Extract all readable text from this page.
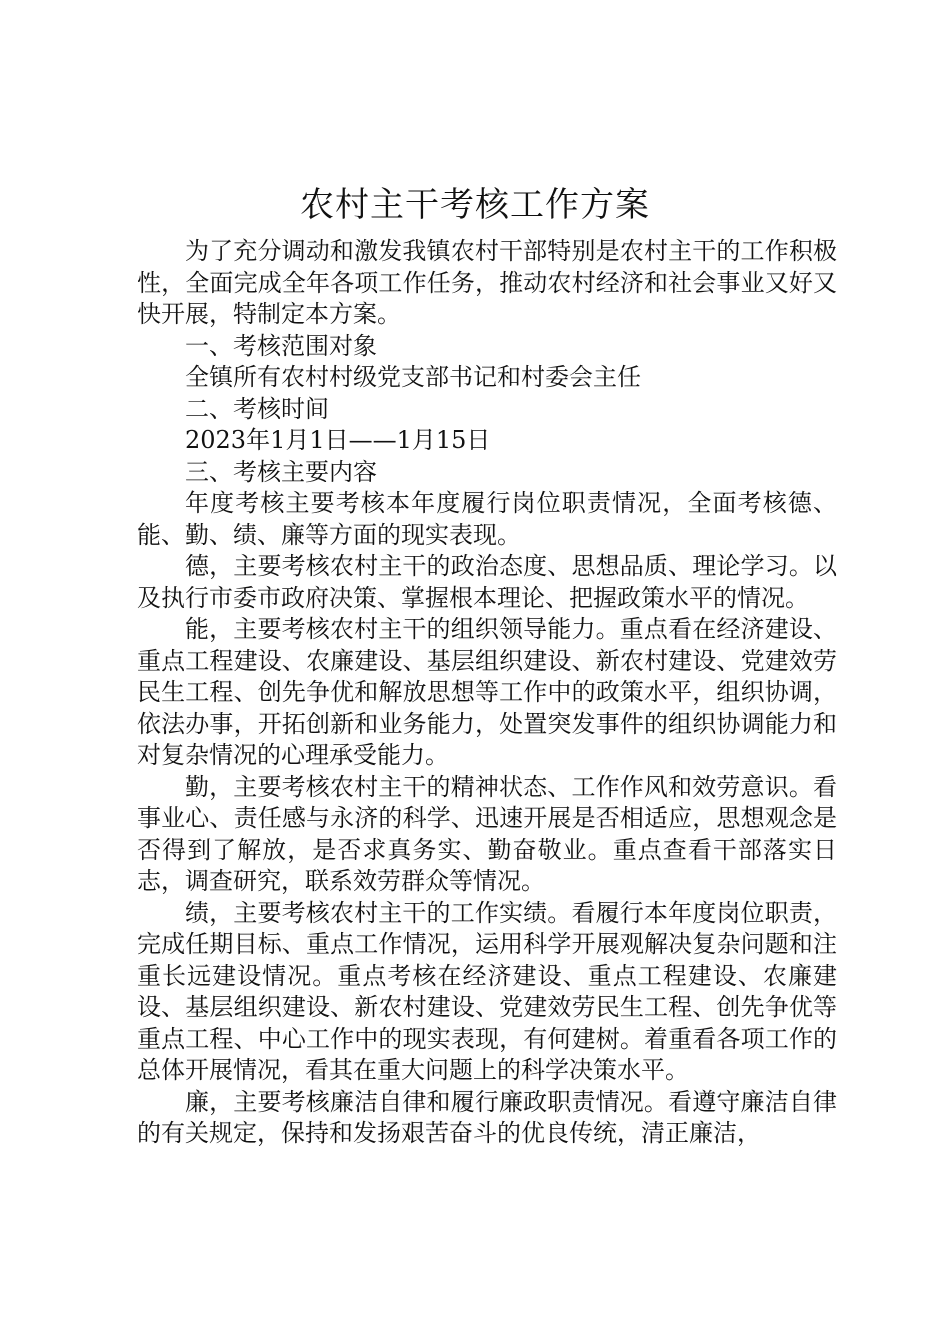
农村主干考核工作方案

为了充分调动和激发我镇农村干部特别是农村主干的工作积极性，全面完成全年各项工作任务，推动农村经济和社会事业又好又快开展，特制定本方案。

一、考核范围对象

全镇所有农村村级党支部书记和村委会主任

二、考核时间

2023年1月1日——1月15日

三、考核主要内容

年度考核主要考核本年度履行岗位职责情况，全面考核德、能、勤、绩、廉等方面的现实表现。

德，主要考核农村主干的政治态度、思想品质、理论学习。以及执行市委市政府决策、掌握根本理论、把握政策水平的情况。

能，主要考核农村主干的组织领导能力。重点看在经济建设、重点工程建设、农廉建设、基层组织建设、新农村建设、党建效劳民生工程、创先争优和解放思想等工作中的政策水平，组织协调，依法办事，开拓创新和业务能力，处置突发事件的组织协调能力和对复杂情况的心理承受能力。

勤，主要考核农村主干的精神状态、工作作风和效劳意识。看事业心、责任感与永济的科学、迅速开展是否相适应，思想观念是否得到了解放，是否求真务实、勤奋敬业。重点查看干部落实日志，调查研究，联系效劳群众等情况。

绩，主要考核农村主干的工作实绩。看履行本年度岗位职责，完成任期目标、重点工作情况，运用科学开展观解决复杂问题和注重长远建设情况。重点考核在经济建设、重点工程建设、农廉建设、基层组织建设、新农村建设、党建效劳民生工程、创先争优等重点工程、中心工作中的现实表现，有何建树。着重看各项工作的总体开展情况，看其在重大问题上的科学决策水平。

廉，主要考核廉洁自律和履行廉政职责情况。看遵守廉洁自律的有关规定，保持和发扬艰苦奋斗的优良传统，清正廉洁，
